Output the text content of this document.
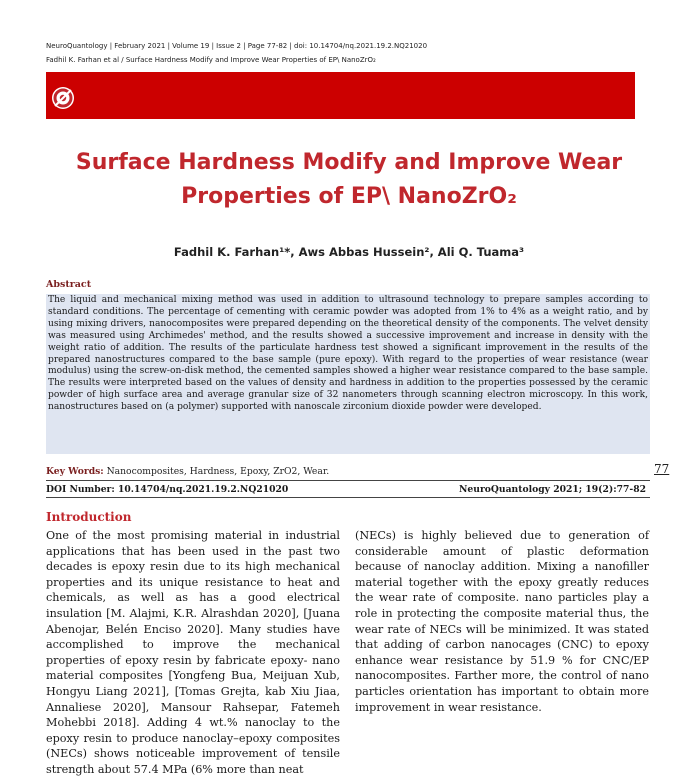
NeuroQuantology | February 2021 | Volume 19 | Issue 2 | Page 77-82 | doi: 10.14704/nq.2021.19.2.NQ21020
Fadhil K. Farhan et al / Surface Hardness Modify and Improve Wear Properties of EP\ NanoZrO₂
Surface Hardness Modify and Improve Wear
Properties of EP\ NanoZrO₂
Fadhil K. Farhan¹*, Aws Abbas Hussein², Ali Q. Tuama³
Abstract
The liquid and mechanical mixing method was used in addition to ultrasound technology to prepare samples according to standard conditions. The percentage of cementing with ceramic powder was adopted from 1% to 4% as a weight ratio, and by using mixing drivers, nanocomposites were prepared depending on the theoretical density of the components. The velvet density was measured using Archimedes' method, and the results showed a successive improvement and increase in density with the weight ratio of addition. The results of the particulate hardness test showed a significant improvement in the results of the prepared nanostructures compared to the base sample (pure epoxy). With regard to the properties of wear resistance (wear modulus) using the screw-on-disk method, the cemented samples showed a higher wear resistance compared to the base sample. The results were interpreted based on the values of density and hardness in addition to the properties possessed by the ceramic powder of high surface area and average granular size of 32 nanometers through scanning electron microscopy. In this work, nanostructures based on (a polymer) supported with nanoscale zirconium dioxide powder were developed.
Key Words: Nanocomposites, Hardness, Epoxy, ZrO2, Wear.	77
DOI Number: 10.14704/nq.2021.19.2.NQ21020	NeuroQuantology 2021; 19(2):77-82
Introduction
One of the most promising material in industrial applications that has been used in the past two decades is epoxy resin due to its high mechanical properties and its unique resistance to heat and chemicals, as well as has a good electrical insulation [M. Alajmi, K.R. Alrashdan 2020], [Juana Abenojar, Belén Enciso 2020]. Many studies have accomplished to improve the mechanical properties of epoxy resin by fabricate epoxy- nano material composites [Yongfeng Bua, Meijuan Xub, Hongyu Liang 2021], [Tomas Grejta, kab Xiu Jiaa, Annaliese 2020], Mansour Rahsepar, Fatemeh Mohebbi 2018]. Adding 4 wt.% nanoclay to the epoxy resin to produce nanoclay–epoxy composites (NECs) shows noticeable improvement of tensile strength about 57.4 MPa (6% more than neat
(NECs) is highly believed due to generation of considerable amount of plastic deformation because of nanoclay addition. Mixing a nanofiller material together with the epoxy greatly reduces the wear rate of composite. nano particles play a role in protecting the composite material thus, the wear rate of NECs will be minimized. It was stated that adding of carbon nanocages (CNC) to epoxy enhance wear resistance by 51.9 % for CNC/EP nanocomposites. Farther more, the control of nano particles orientation has important to obtain more improvement in wear resistance.
